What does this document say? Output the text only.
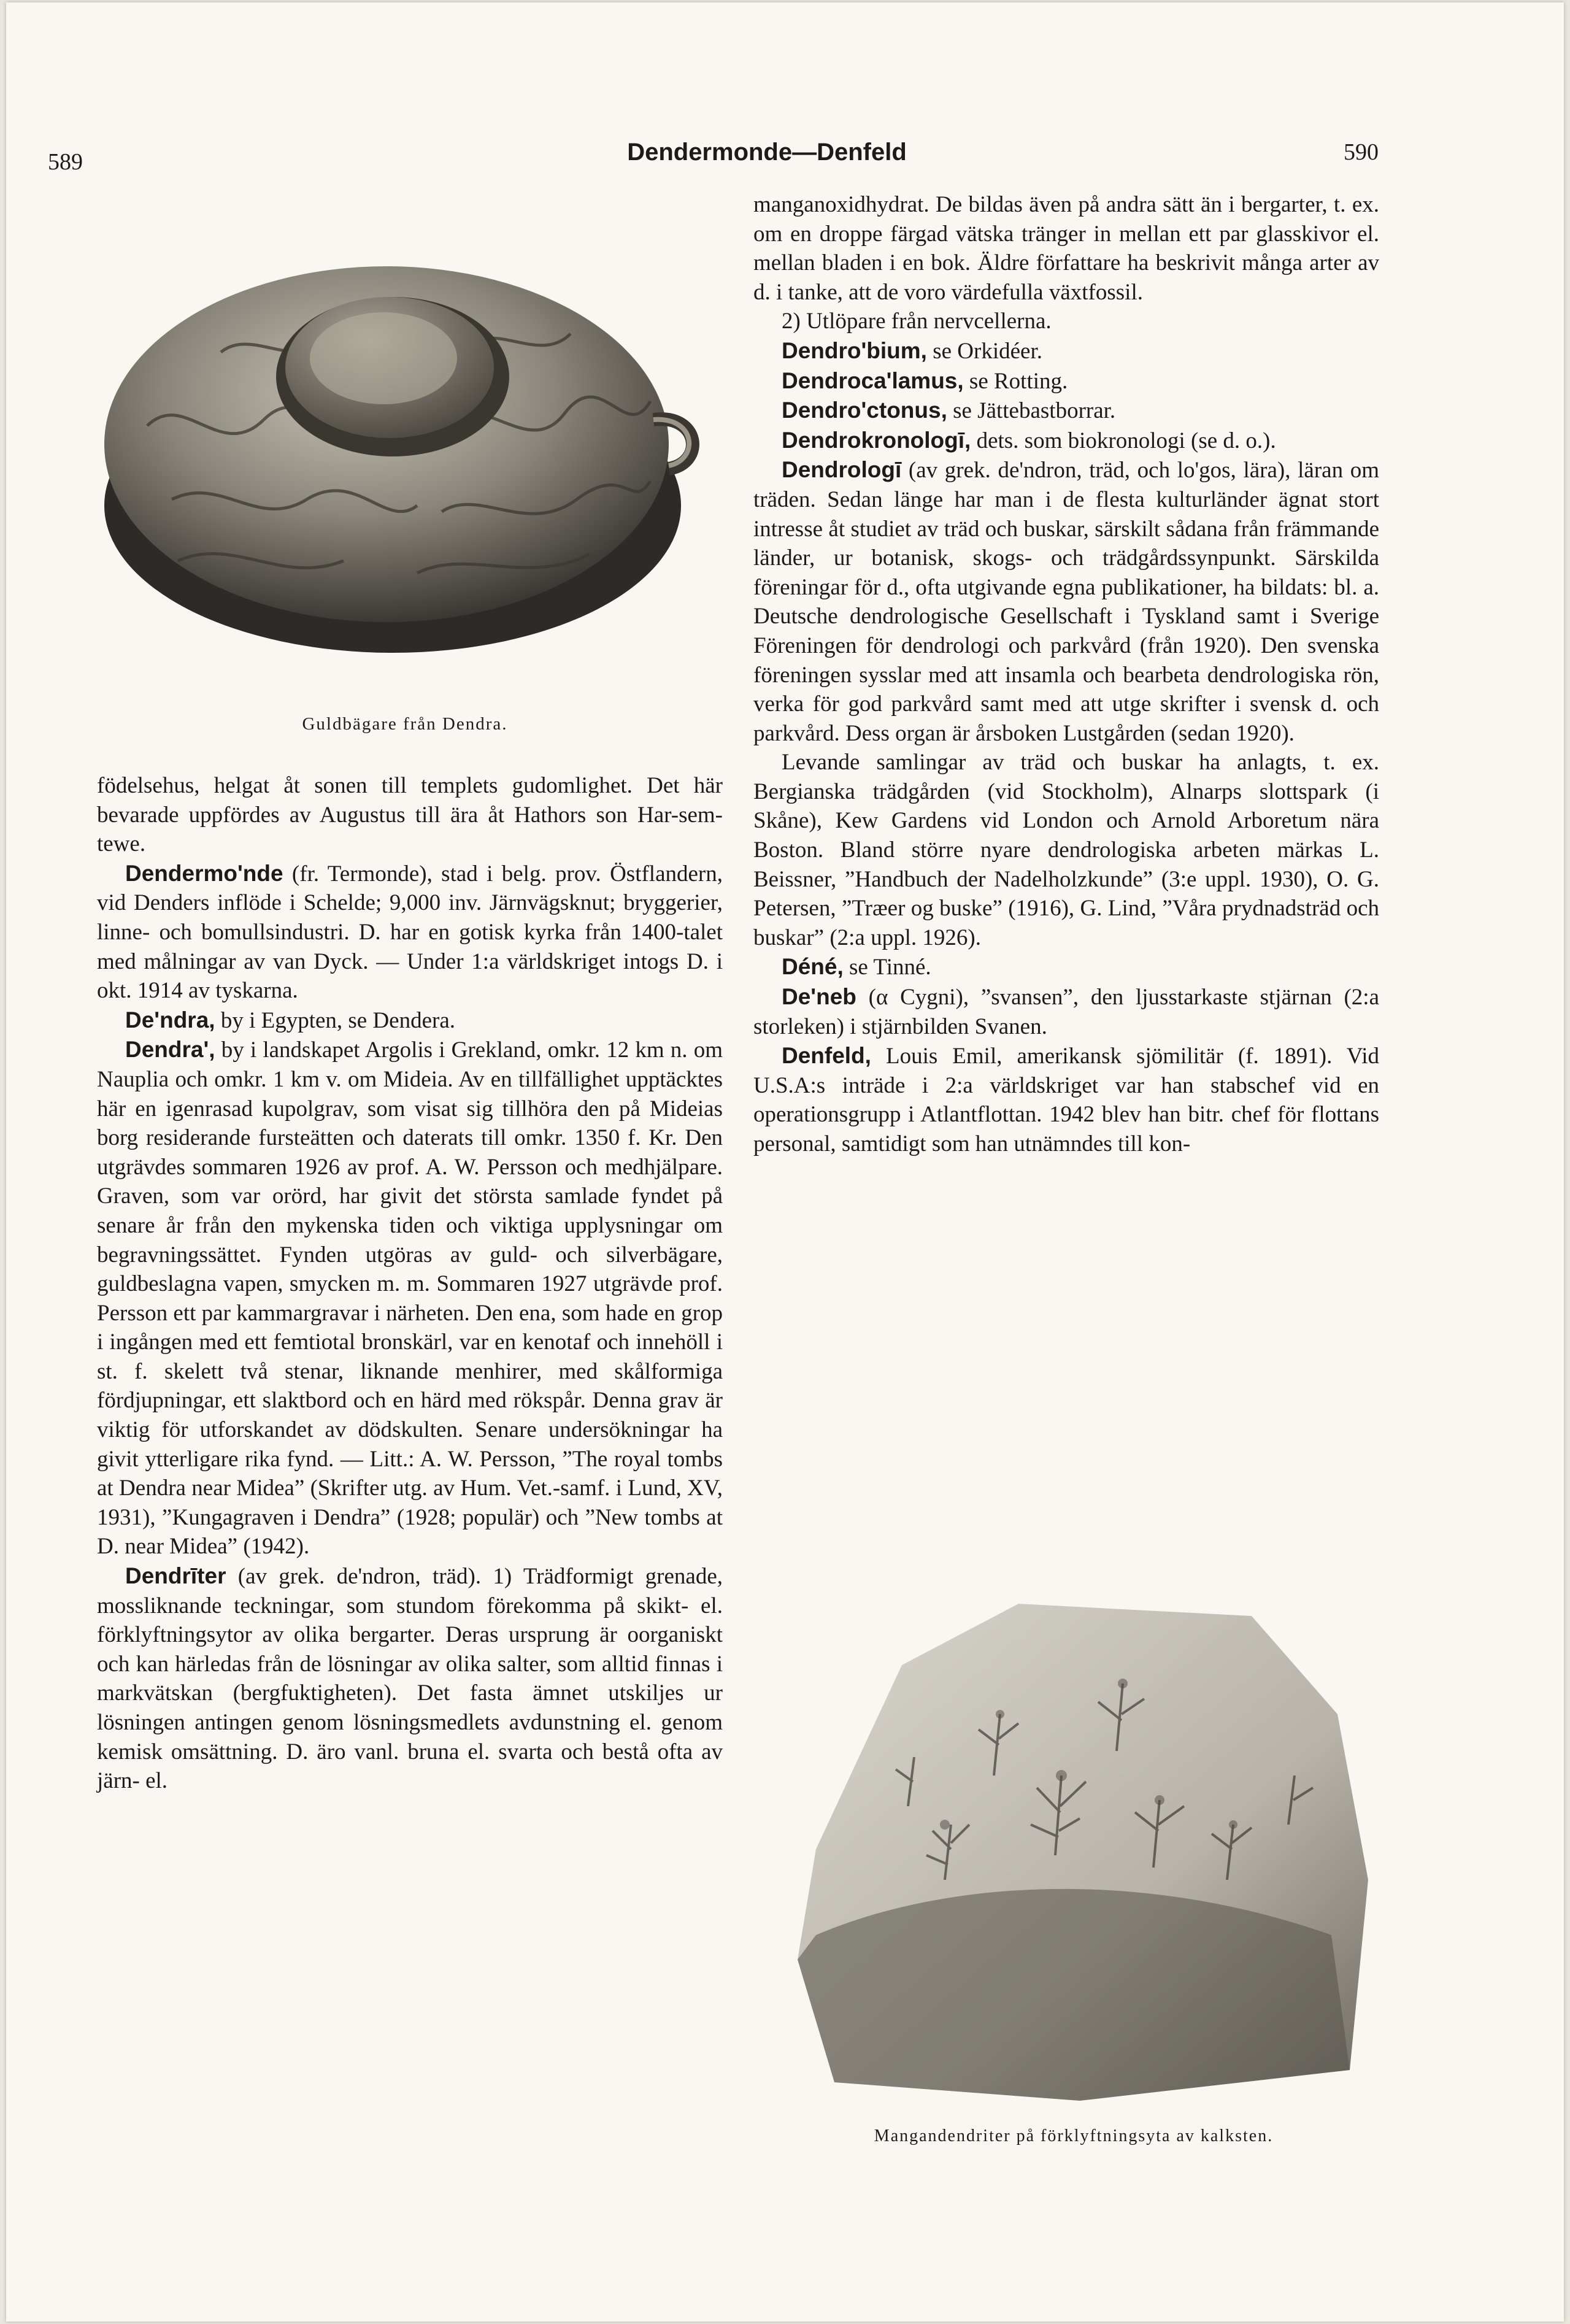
589	Dendermonde—Denfeld	590
Guldbägare från Dendra.

födelsehus, helgat åt sonen till templets gudomlighet. Det här bevarade uppfördes av Augustus till ära åt Hathors son Har-sem-tewe.

Dendermo'nde (fr. Termonde), stad i belg. prov. Östflandern, vid Denders inflöde i Schelde; 9,000 inv. Järnvägsknut; bryggerier, linne- och bomullsindustri. D. har en gotisk kyrka från 1400-talet med målningar av van Dyck. — Under 1:a världskriget intogs D. i okt. 1914 av tyskarna.

De'ndra, by i Egypten, se Dendera.

Dendra', by i landskapet Argolis i Grekland, omkr. 12 km n. om Nauplia och omkr. 1 km v. om Mideia. Av en tillfällighet upptäcktes här en igenrasad kupolgrav, som visat sig tillhöra den på Mideias borg residerande fursteätten och daterats till omkr. 1350 f. Kr. Den utgrävdes sommaren 1926 av prof. A. W. Persson och medhjälpare. Graven, som var orörd, har givit det största samlade fyndet på senare år från den mykenska tiden och viktiga upplysningar om begravningssättet. Fynden utgöras av guld- och silverbägare, guldbeslagna vapen, smycken m. m. Sommaren 1927 utgrävde prof. Persson ett par kammargravar i närheten. Den ena, som hade en grop i ingången med ett femtiotal bronskärl, var en kenotaf och innehöll i st. f. skelett två stenar, liknande menhirer, med skålformiga fördjupningar, ett slaktbord och en härd med rökspår. Denna grav är viktig för utforskandet av dödskulten. Senare undersökningar ha givit ytterligare rika fynd. — Litt.: A. W. Persson, ”The royal tombs at Dendra near Midea” (Skrifter utg. av Hum. Vet.-samf. i Lund, XV, 1931), ”Kungagraven i Dendra” (1928; populär) och ”New tombs at D. near Midea” (1942).

Dendrīter (av grek. de'ndron, träd). 1) Trädformigt grenade, mossliknande teckningar, som stundom förekomma på skikt- el. förklyftningsytor av olika bergarter. Deras ursprung är oorganiskt och kan härledas från de lösningar av olika salter, som alltid finnas i markvätskan (bergfuktigheten). Det fasta ämnet utskiljes ur lösningen antingen genom lösningsmedlets avdunstning el. genom kemisk omsättning. D. äro vanl. bruna el. svarta och bestå ofta av järn- el.

manganoxidhydrat. De bildas även på andra sätt än i bergarter, t. ex. om en droppe färgad vätska tränger in mellan ett par glasskivor el. mellan bladen i en bok. Äldre författare ha beskrivit många arter av d. i tanke, att de voro värdefulla växtfossil.

2) Utlöpare från nervcellerna.

Dendro'bium, se Orkidéer.

Dendroca'lamus, se Rotting.

Dendro'ctonus, se Jättebastborrar.

Dendrokronologī, dets. som biokronologi (se d. o.).

Dendrologī (av grek. de'ndron, träd, och lo'gos, lära), läran om träden. Sedan länge har man i de flesta kulturländer ägnat stort intresse åt studiet av träd och buskar, särskilt sådana från främmande länder, ur botanisk, skogs- och trädgårdssynpunkt. Särskilda föreningar för d., ofta utgivande egna publikationer, ha bildats: bl. a. Deutsche dendrologische Gesellschaft i Tyskland samt i Sverige Föreningen för dendrologi och parkvård (från 1920). Den svenska föreningen sysslar med att insamla och bearbeta dendrologiska rön, verka för god parkvård samt med att utge skrifter i svensk d. och parkvård. Dess organ är årsboken Lustgården (sedan 1920).

Levande samlingar av träd och buskar ha anlagts, t. ex. Bergianska trädgården (vid Stockholm), Alnarps slottspark (i Skåne), Kew Gardens vid London och Arnold Arboretum nära Boston. Bland större nyare dendrologiska arbeten märkas L. Beissner, ”Handbuch der Nadelholzkunde” (3:e uppl. 1930), O. G. Petersen, ”Træer og buske” (1916), G. Lind, ”Våra prydnadsträd och buskar” (2:a uppl. 1926).

Déné, se Tinné.

De'neb (α Cygni), ”svansen”, den ljusstarkaste stjärnan (2:a storleken) i stjärnbilden Svanen.

Denfeld, Louis Emil, amerikansk sjömilitär (f. 1891). Vid U.S.A:s inträde i 2:a världskriget var han stabschef vid en operationsgrupp i Atlantflottan. 1942 blev han bitr. chef för flottans personal, samtidigt som han utnämndes till kon-

Mangandendriter på förklyftningsyta av kalksten.
